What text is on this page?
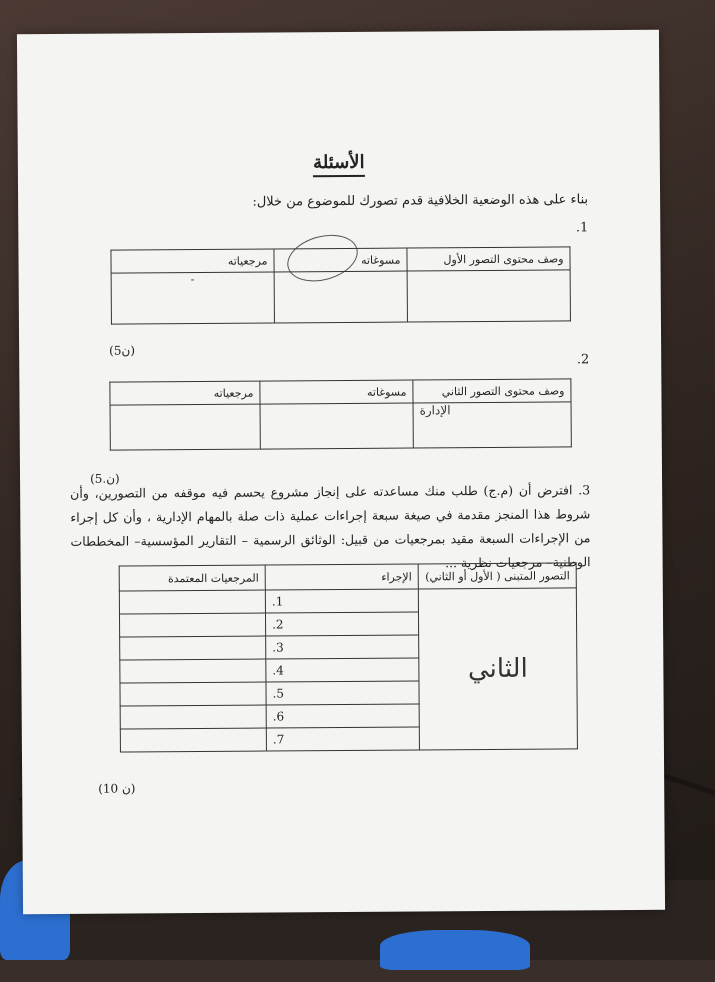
الأسئلة
بناء على هذه الوضعية الخلافية قدم تصورك للموضوع من خلال:
1.
وصف محتوى التصور الأول	مسوغاته	مرجعياته
		-
(5ن)
2.
وصف محتوى التصور الثاني	مسوغاته	مرجعياته
الإدارة		
(5.ن)
3. افترض أن (م.ج) طلب منك مساعدته على إنجاز مشروع يحسم فيه موقفه من التصورين، وأن شروط هذا المنجز مقدمة في صيغة سبعة إجراءات عملية ذات صلة بالمهام الإدارية ، وأن كل إجراء من الإجراءات السبعة مقيد بمرجعيات من قبيل: الوثائق الرسمية – التقارير المؤسسية– المخططات الوطنية– مرجعيات نظرية ...
التصور المتبنى ( الأول أو الثاني)	الإجراء	المرجعيات المعتمدة
الثاني	1.	
	2.	
	3.	
	4.	
	5.	
	6.	
	7.	
(10 ن)
